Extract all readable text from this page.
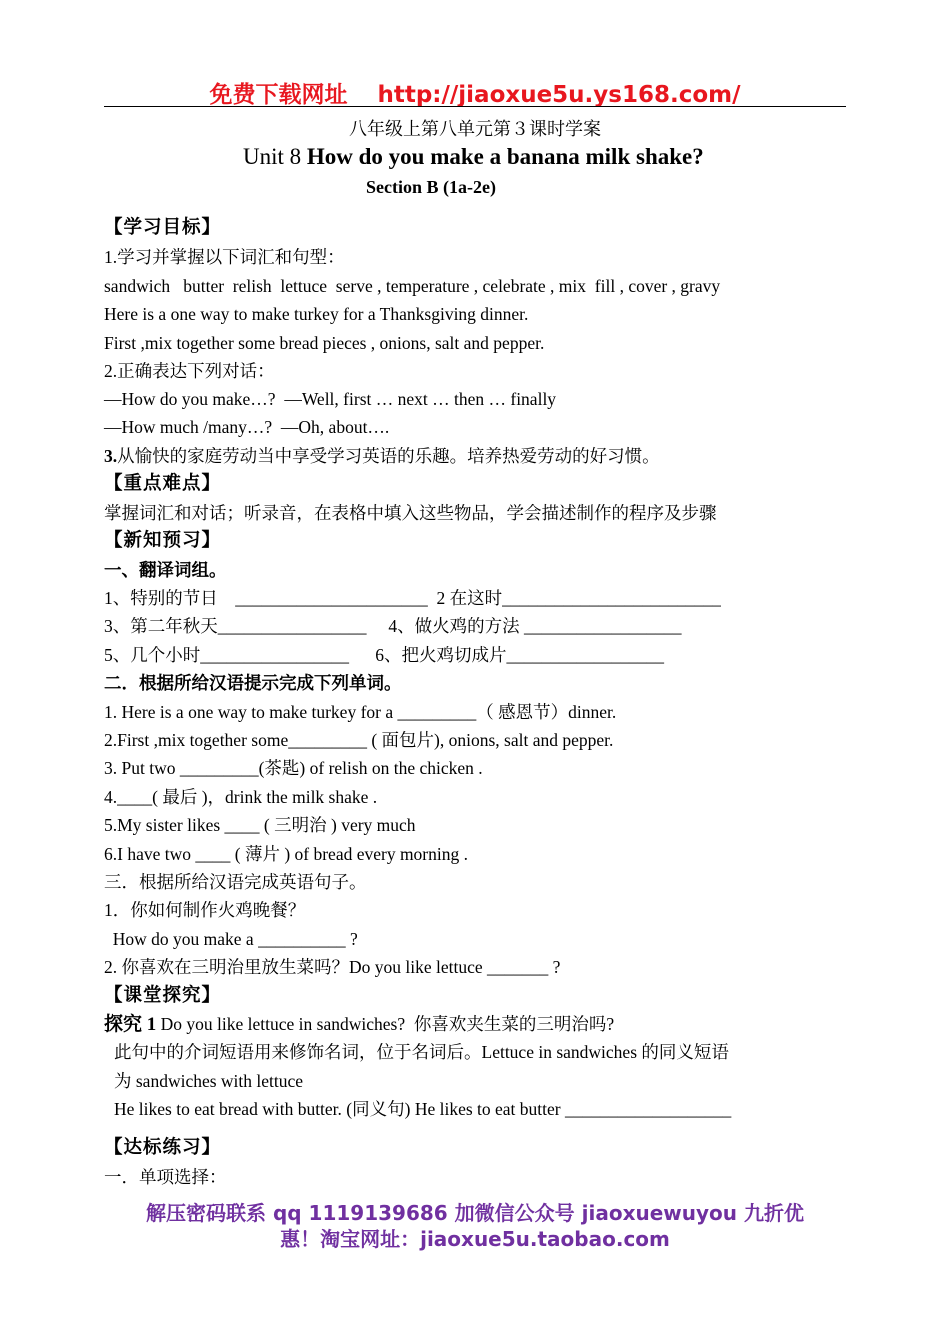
免费下载网址 http://jiaoxue5u.ys168.com/
八年级上第八单元第３课时学案
Unit 8 How do you make a banana milk shake?
Section B (1a-2e)
【学习目标】
1.学习并掌握以下词汇和句型：
sandwich   butter  relish  lettuce  serve , temperature , celebrate , mix  fill , cover , gravy
Here is a one way to make turkey for a Thanksgiving dinner.
First ,mix together some bread pieces , onions, salt and pepper.
2.正确表达下列对话：
—How do you make…?  —Well, first … next … then … finally
—How much /many…?  —Oh, about….
3.从愉快的家庭劳动当中享受学习英语的乐趣。培养热爱劳动的好习惯。
【重点难点】
掌握词汇和对话；听录音，在表格中填入这些物品，学会描述制作的程序及步骤
【新知预习】
一、翻译词组。
1、特别的节日    ______________________  2 在这时_________________________
3、第二年秋天_________________     4、做火鸡的方法 __________________
5、几个小时_________________      6、把火鸡切成片__________________
二．根据所给汉语提示完成下列单词。
1. Here is a one way to make turkey for a _________（ 感恩节）dinner.
2.First ,mix together some_________ ( 面包片), onions, salt and pepper.
3. Put two _________(茶匙) of relish on the chicken .
4.____( 最后 )，drink the milk shake .
5.My sister likes ____ ( 三明治 ) very much
6.I have two ____ ( 薄片 ) of bread every morning .
三．根据所给汉语完成英语句子。
1．你如何制作火鸡晚餐？
How do you make a __________ ?
2. 你喜欢在三明治里放生菜吗？Do you like lettuce _______ ?
【课堂探究】
探究 1 Do you like lettuce in sandwiches?  你喜欢夹生菜的三明治吗?
此句中的介词短语用来修饰名词，位于名词后。Lettuce in sandwiches 的同义短语
为 sandwiches with lettuce
He likes to eat bread with butter. (同义句) He likes to eat butter ___________________
【达标练习】
一．单项选择：
解压密码联系 qq 1119139686 加微信公众号 jiaoxuewuyou 九折优
惠！淘宝网址：jiaoxue5u.taobao.com
